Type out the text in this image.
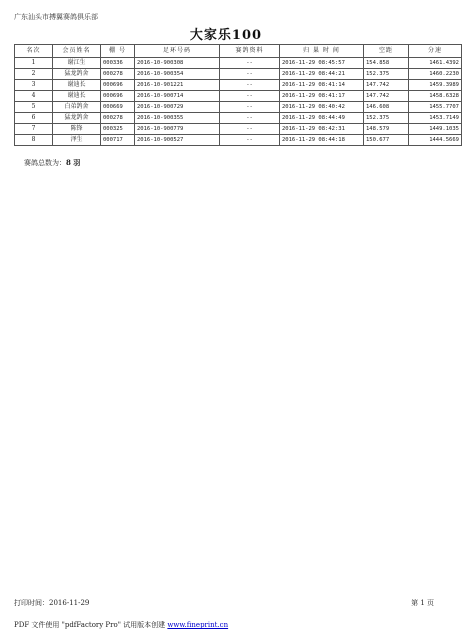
广东汕头市搏翼赛鸽俱乐部
大家乐100
名次	会员姓名	棚 号	足环号码	赛鸽资料	归 巢 时 间	空距	分速
1	谢江生	000336	2016-10-900308	--	2016-11-29 08:45:57	154.858	1461.4392
2	猛龙鸽舍	000278	2016-10-900354	--	2016-11-29 08:44:21	152.375	1460.2230
3	谢迪长	000696	2016-10-901221	--	2016-11-29 08:41:14	147.742	1459.3989
4	谢迪长	000696	2016-10-900714	--	2016-11-29 08:41:17	147.742	1458.6328
5	白弟鸽舍	000669	2016-10-900729	--	2016-11-29 08:40:42	146.608	1455.7707
6	猛龙鸽舍	000278	2016-10-900355	--	2016-11-29 08:44:49	152.375	1453.7149
7	陈锋	000325	2016-10-900779	--	2016-11-29 08:42:31	148.579	1449.1035
8	泽生	000717	2016-10-900527	--	2016-11-29 08:44:18	150.677	1444.5669
赛鸽总数为：8 羽
打印时间：2016-11-29	第 1 页
PDF 文件使用 "pdfFactory Pro" 试用版本创建 www.fineprint.cn
